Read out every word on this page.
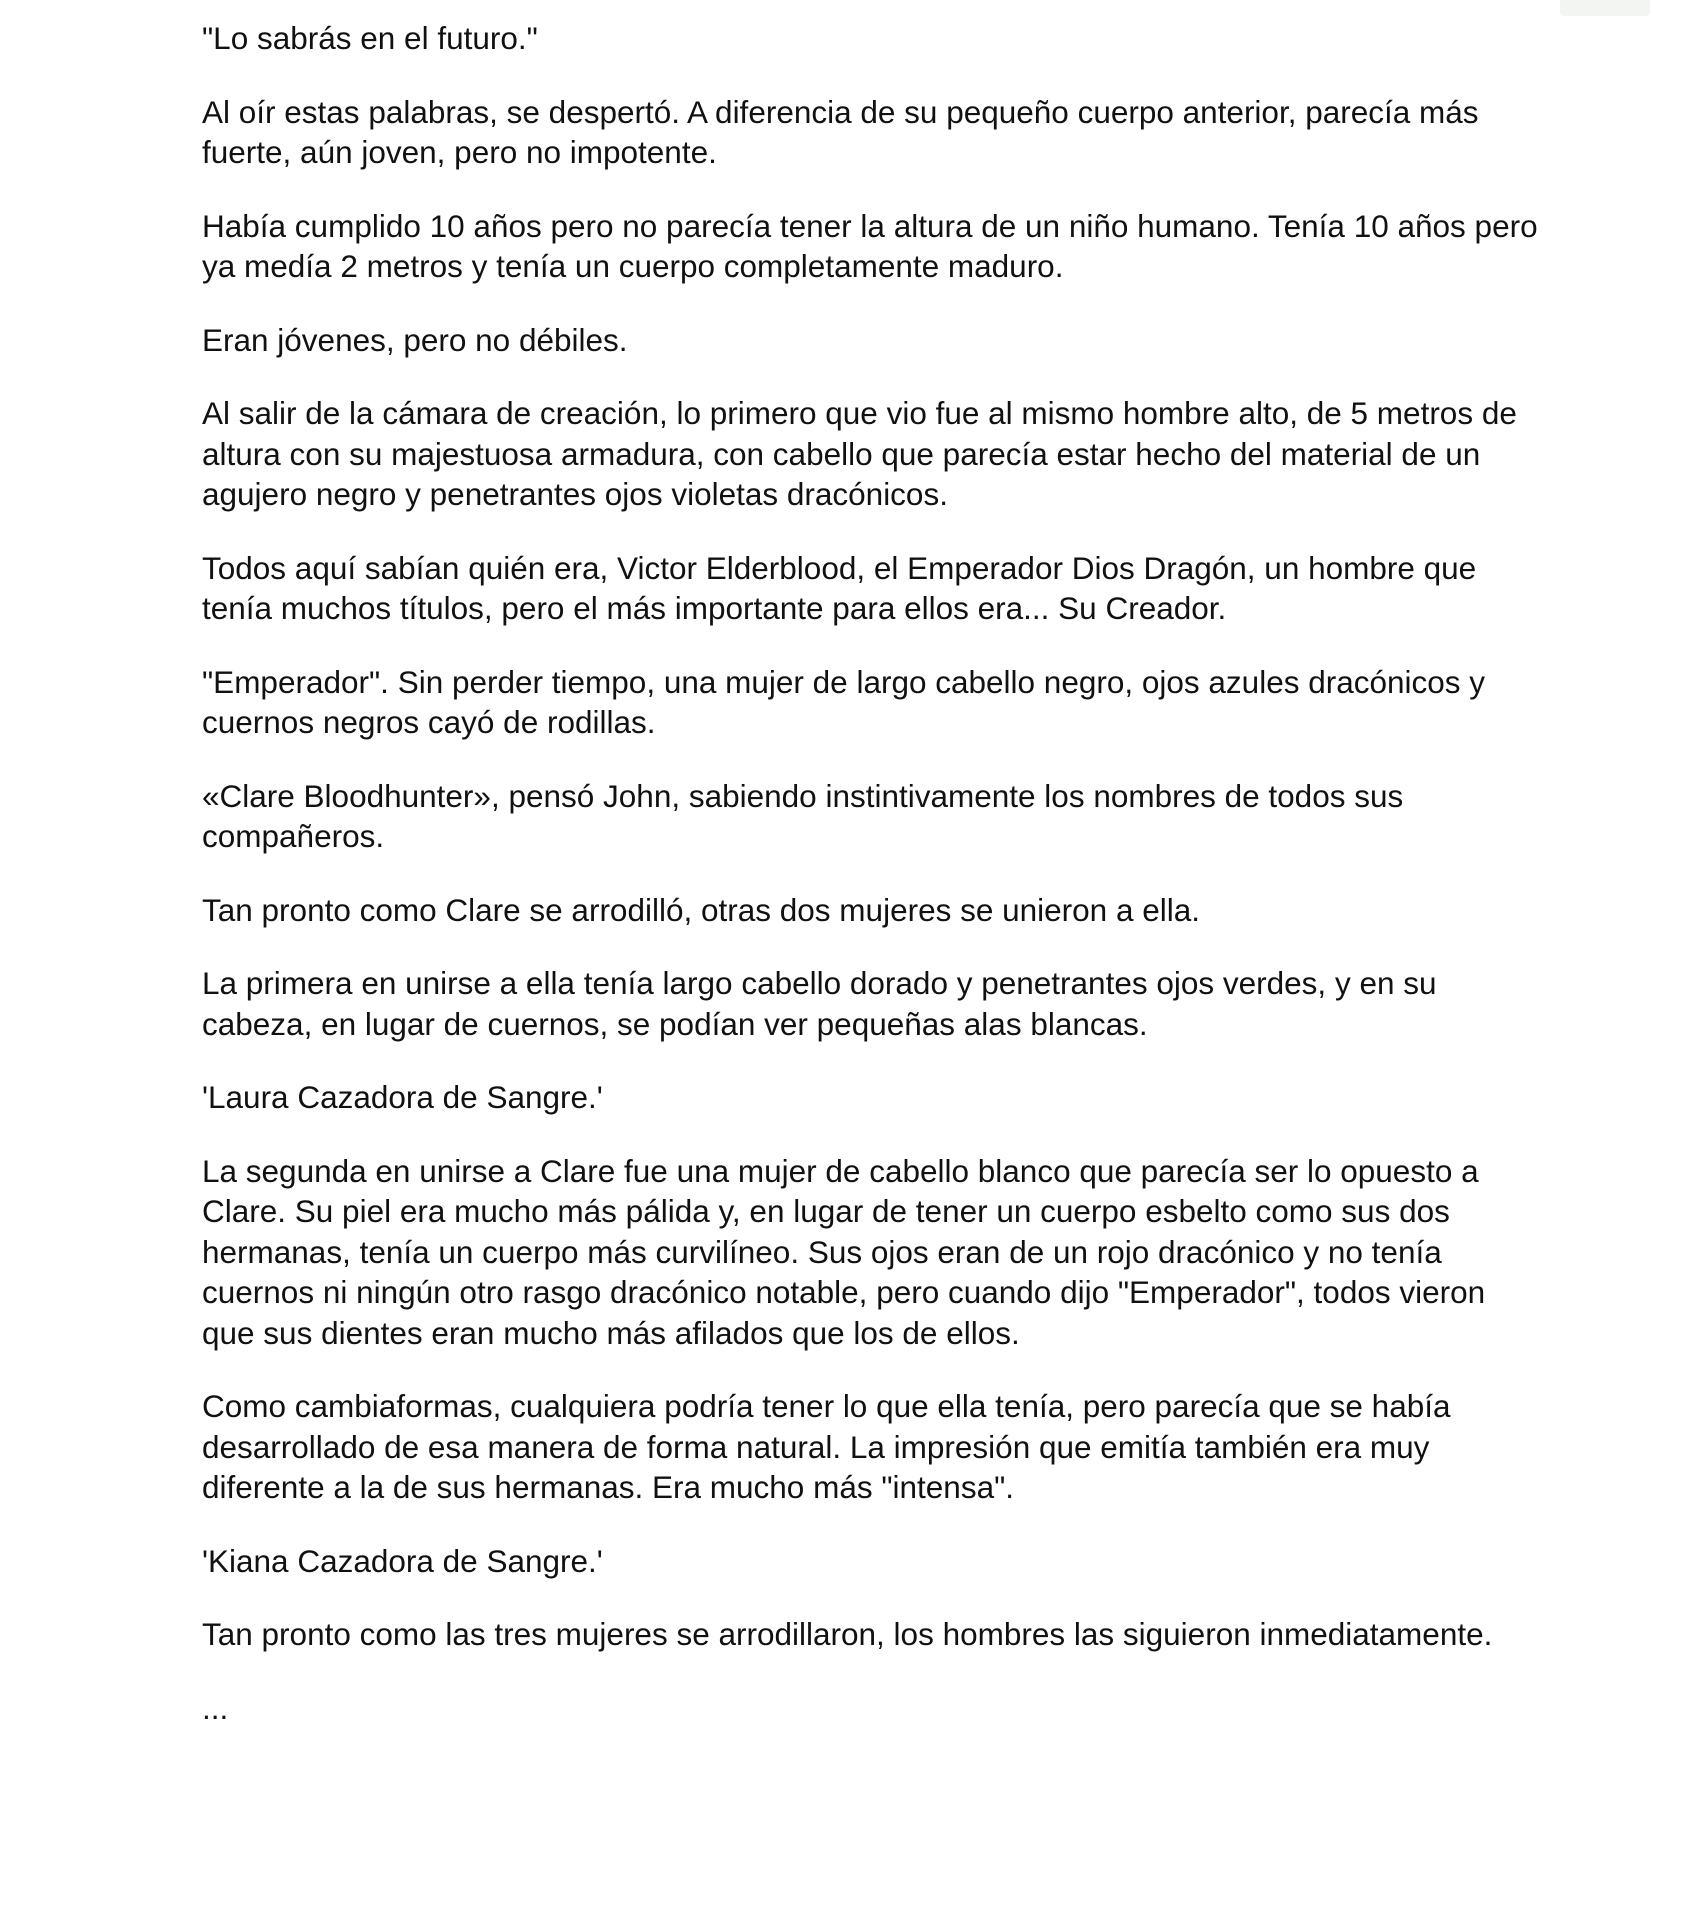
"Lo sabrás en el futuro."

Al oír estas palabras, se despertó. A diferencia de su pequeño cuerpo anterior, parecía más fuerte, aún joven, pero no impotente.

Había cumplido 10 años pero no parecía tener la altura de un niño humano. Tenía 10 años pero ya medía 2 metros y tenía un cuerpo completamente maduro.

Eran jóvenes, pero no débiles.

Al salir de la cámara de creación, lo primero que vio fue al mismo hombre alto, de 5 metros de altura con su majestuosa armadura, con cabello que parecía estar hecho del material de un agujero negro y penetrantes ojos violetas dracónicos.

Todos aquí sabían quién era, Victor Elderblood, el Emperador Dios Dragón, un hombre que tenía muchos títulos, pero el más importante para ellos era... Su Creador.

"Emperador". Sin perder tiempo, una mujer de largo cabello negro, ojos azules dracónicos y cuernos negros cayó de rodillas.

«Clare Bloodhunter», pensó John, sabiendo instintivamente los nombres de todos sus compañeros.

Tan pronto como Clare se arrodilló, otras dos mujeres se unieron a ella.

La primera en unirse a ella tenía largo cabello dorado y penetrantes ojos verdes, y en su cabeza, en lugar de cuernos, se podían ver pequeñas alas blancas.

'Laura Cazadora de Sangre.'

La segunda en unirse a Clare fue una mujer de cabello blanco que parecía ser lo opuesto a Clare. Su piel era mucho más pálida y, en lugar de tener un cuerpo esbelto como sus dos hermanas, tenía un cuerpo más curvilíneo. Sus ojos eran de un rojo dracónico y no tenía cuernos ni ningún otro rasgo dracónico notable, pero cuando dijo "Emperador", todos vieron que sus dientes eran mucho más afilados que los de ellos.

Como cambiaformas, cualquiera podría tener lo que ella tenía, pero parecía que se había desarrollado de esa manera de forma natural. La impresión que emitía también era muy diferente a la de sus hermanas. Era mucho más "intensa".

'Kiana Cazadora de Sangre.'

Tan pronto como las tres mujeres se arrodillaron, los hombres las siguieron inmediatamente.

...
